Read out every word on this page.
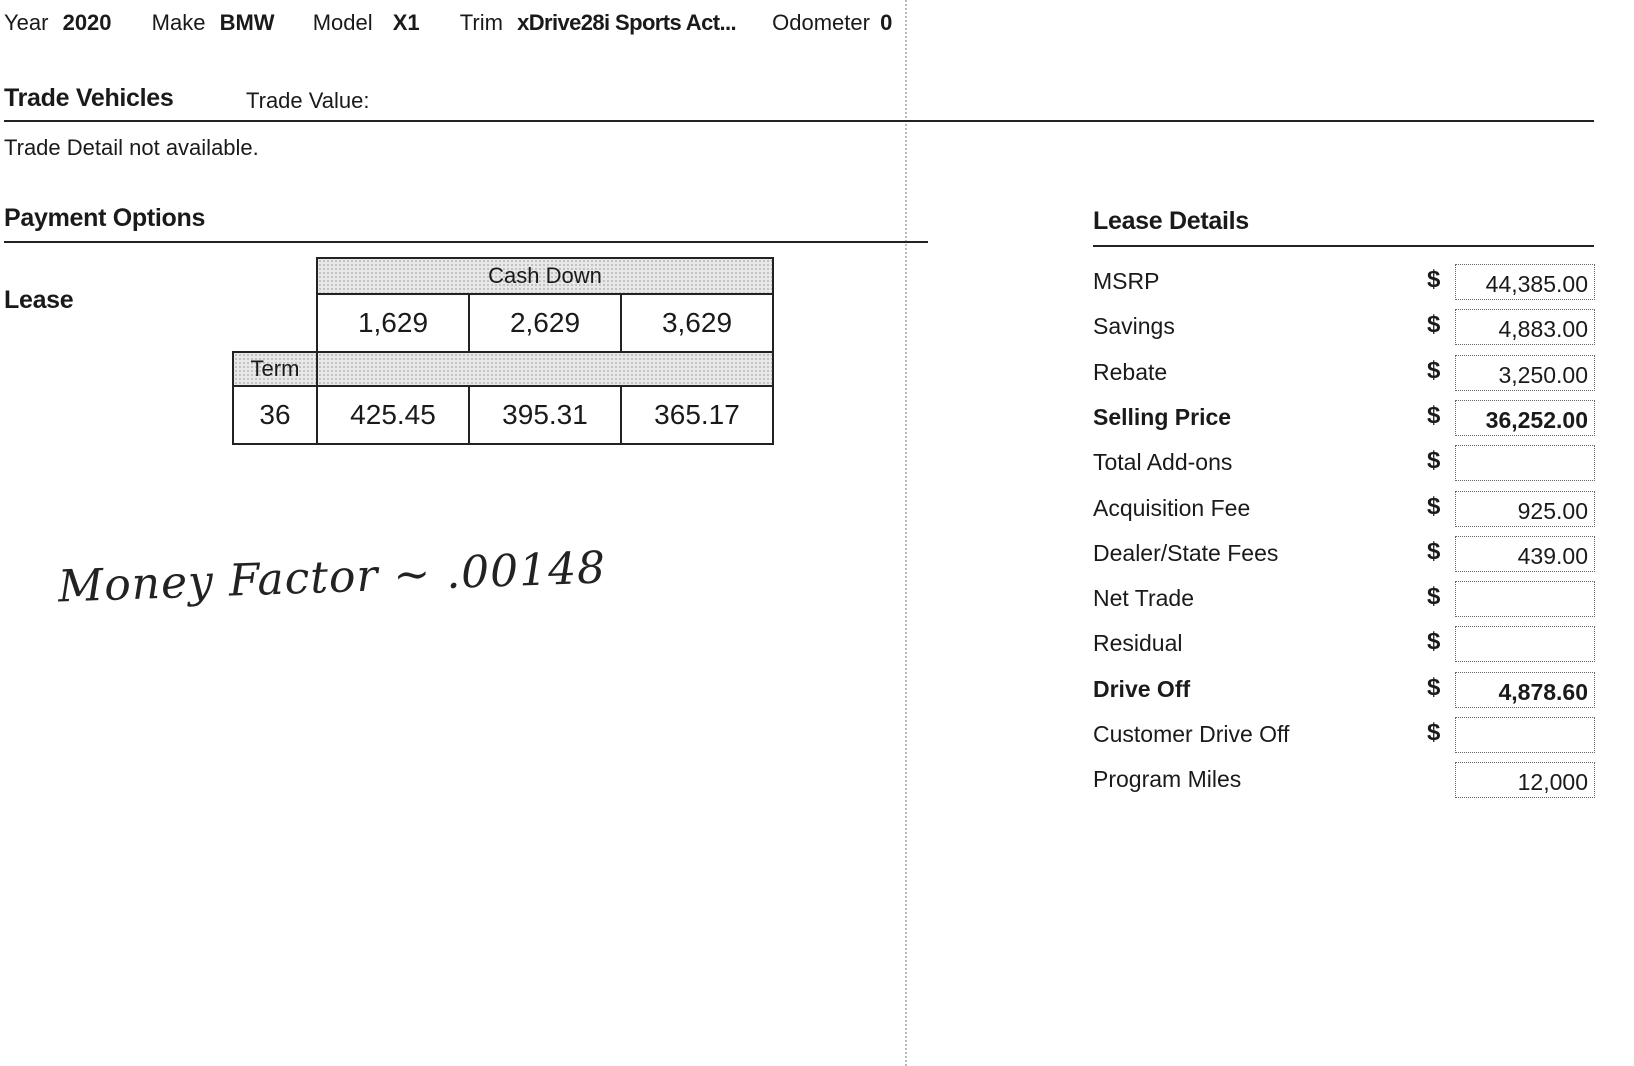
Year 2020 Make BMW Model X1 Trim xDrive28i Sports Act... Odometer 0
Trade Vehicles	Trade Value:
Trade Detail not available.
Payment Options
Lease
	Cash Down		
	1,629	2,629	3,629
Term			
36	425.45	395.31	365.17
Money Factor ~ .00148
Lease Details
MSRP	$	44,385.00
Savings	$	4,883.00
Rebate	$	3,250.00
Selling Price	$	36,252.00
Total Add-ons	$
Acquisition Fee	$	925.00
Dealer/State Fees	$	439.00
Net Trade	$
Residual	$
Drive Off	$	4,878.60
Customer Drive Off	$
Program Miles	12,000
